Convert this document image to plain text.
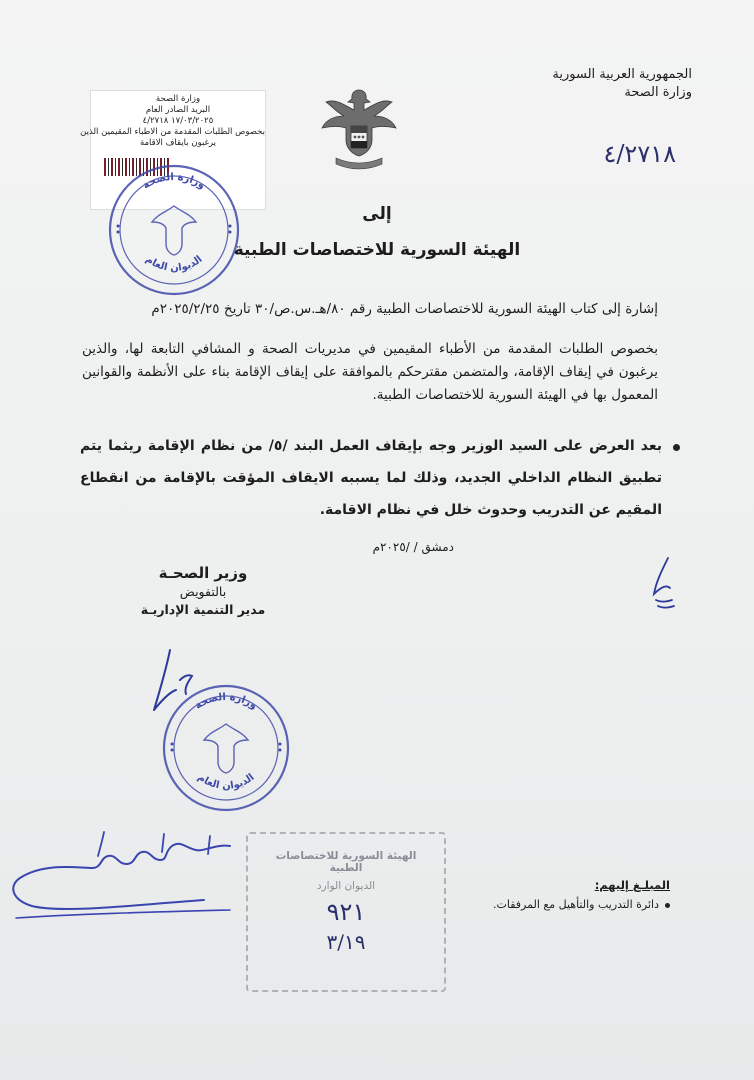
الجمهورية العربية السورية
وزارة الصحة
٤/٢٧١٨
وزارة الصحة
البريد الصادر العام
١٧/٠٣/٢٠٢٥ ٤/٢٧١٨
بخصوص الطلبات المقدمة من الاطباء المقيمين الذين
يرغبون بايقاف الاقامة
وزارة الصحة
الديوان العام
إلى
الهيئة السورية للاختصاصات الطبية
إشارة إلى كتاب الهيئة السورية للاختصاصات الطبية رقم ٨٠/هـ.س.ص/٣٠ تاريخ ٢٠٢٥/٢/٢٥م
بخصوص الطلبات المقدمة من الأطباء المقيمين في مديريات الصحة و المشافي التابعة لها، والذين يرغبون في إيقاف الإقامة، والمتضمن مقترحكم بالموافقة على إيقاف الإقامة بناء على الأنظمة والقوانين المعمول بها في الهيئة السورية للاختصاصات الطبية.
بعد العرض على السيد الوزير وجه بإيقاف العمل البند /٥/ من نظام الإقامة ريثما يتم تطبيق النظام الداخلي الجديد، وذلك لما يسببه الايقاف المؤقت بالإقامة من انقطاع المقيم عن التدريب وحدوث خلل في نظام الاقامة.
دمشق / /٢٠٢٥م
وزير الصحـة
بالتفويض
مدير التنمية الإداريـة
وزارة الصحة
الديوان العام
الهيئة السورية للاختصاصات الطبية
الديوان الوارد
٩٢١
٣/١٩
المبلـغ إليهم:
دائرة التدريب والتأهيل مع المرفقات.
